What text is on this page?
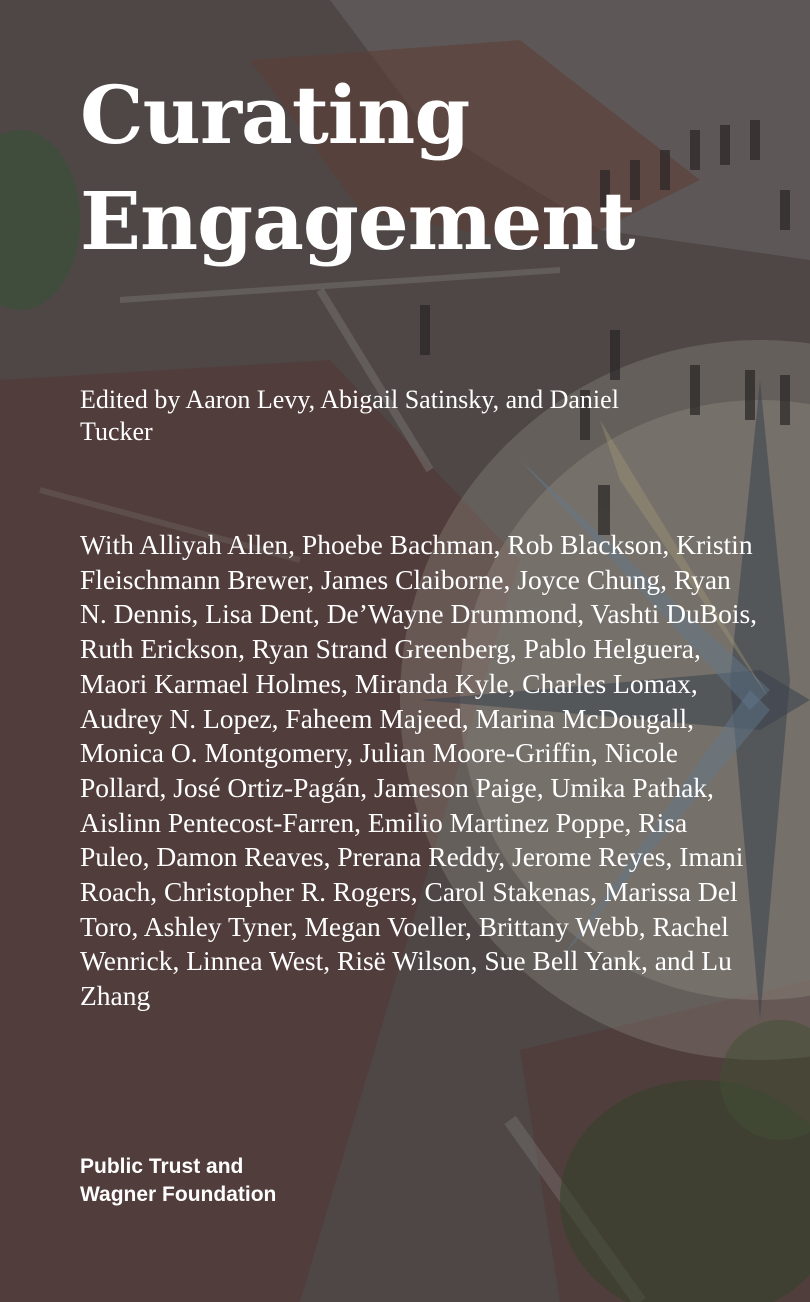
Curating
Engagement

Edited by Aaron Levy, Abigail Satinsky, and Daniel Tucker

With Alliyah Allen, Phoebe Bachman, Rob Blackson, Kristin Fleischmann Brewer, James Claiborne, Joyce Chung, Ryan N. Dennis, Lisa Dent, De’Wayne Drummond, Vashti DuBois, Ruth Erickson, Ryan Strand Greenberg, Pablo Helguera, Maori Karmael Holmes, Miranda Kyle, Charles Lomax, Audrey N. Lopez, Faheem Majeed, Marina McDougall, Monica O. Montgomery, Julian Moore-Griffin, Nicole Pollard, José Ortiz-Pagán, Jameson Paige, Umika Pathak, Aislinn Pentecost-Farren, Emilio Martinez Poppe, Risa Puleo, Damon Reaves, Prerana Reddy, Jerome Reyes, Imani Roach, Christopher R. Rogers, Carol Stakenas, Marissa Del Toro, Ashley Tyner, Megan Voeller, Brittany Webb, Rachel Wenrick, Linnea West, Risë Wilson, Sue Bell Yank, and Lu Zhang

Public Trust and
Wagner Foundation
